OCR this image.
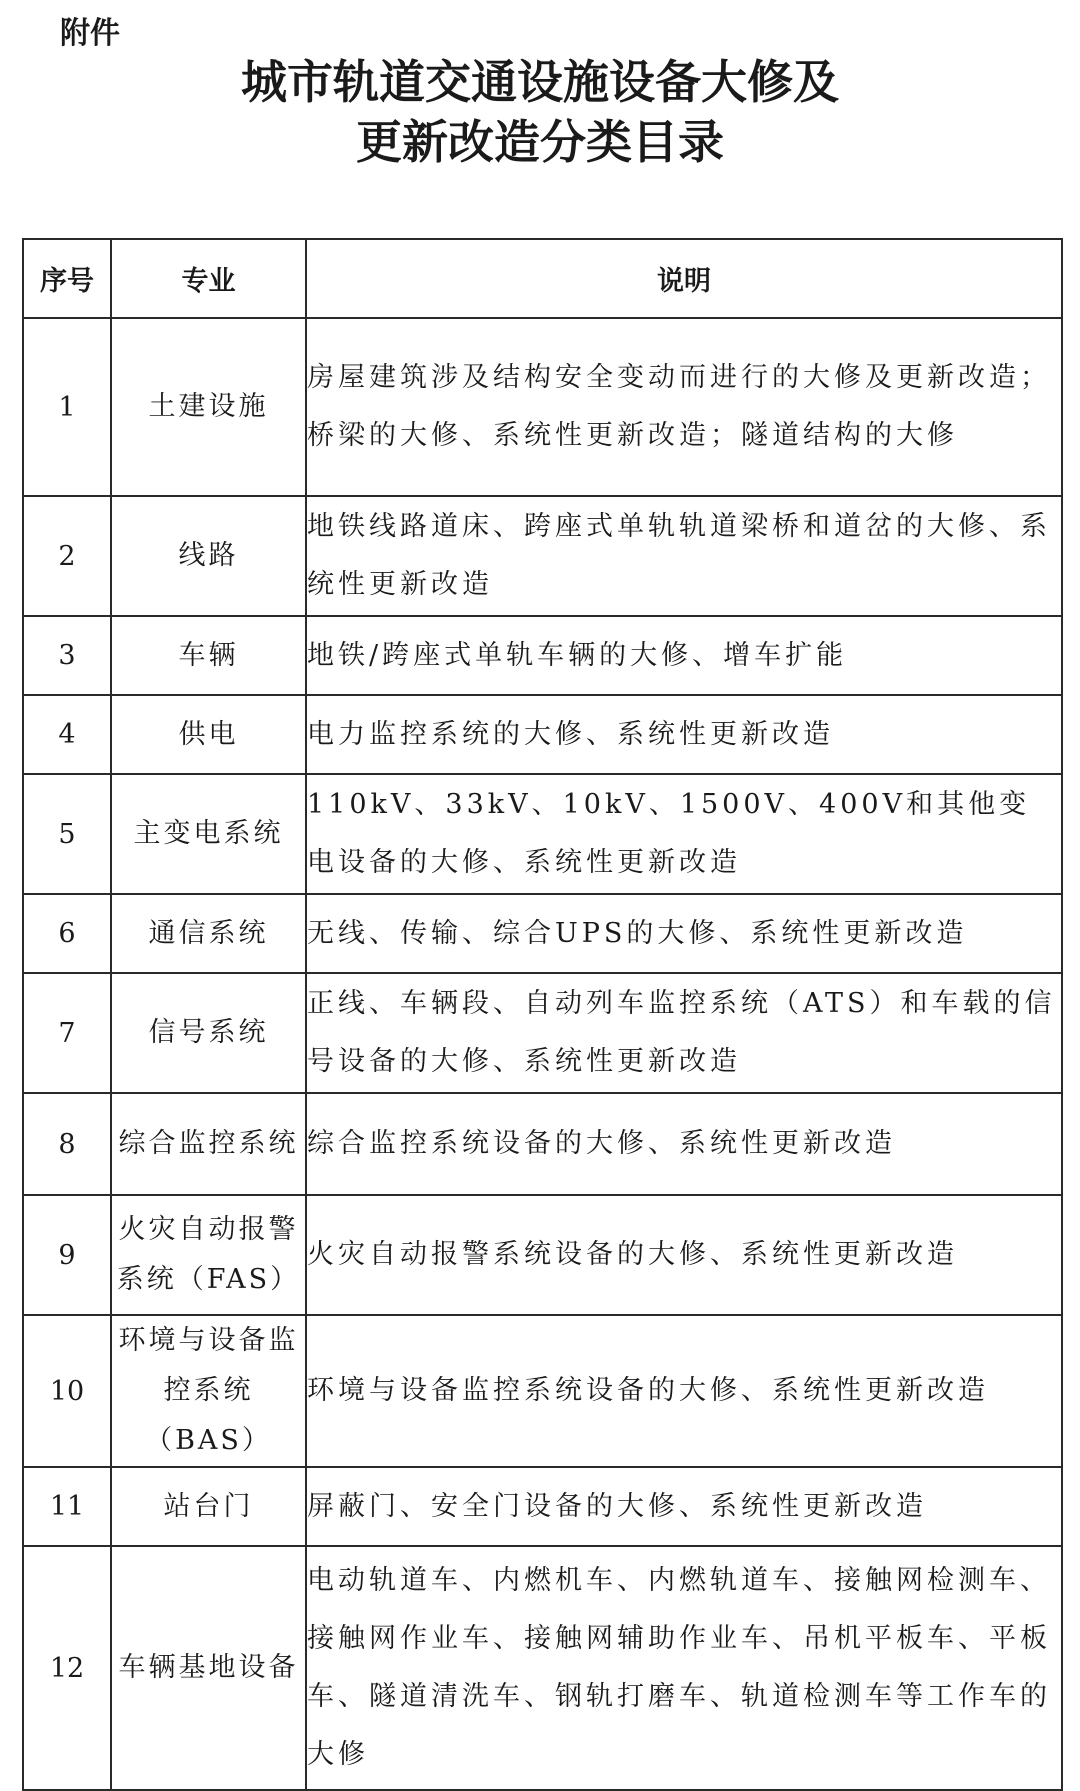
附件
城市轨道交通设施设备大修及
更新改造分类目录
序号	专业	说明
1	土建设施	房屋建筑涉及结构安全变动而进行的大修及更新改造；桥梁的大修、系统性更新改造；隧道结构的大修
2	线路	地铁线路道床、跨座式单轨轨道梁桥和道岔的大修、系统性更新改造
3	车辆	地铁/跨座式单轨车辆的大修、增车扩能
4	供电	电力监控系统的大修、系统性更新改造
5	主变电系统	110kV、33kV、10kV、1500V、400V和其他变电设备的大修、系统性更新改造
6	通信系统	无线、传输、综合UPS的大修、系统性更新改造
7	信号系统	正线、车辆段、自动列车监控系统（ATS）和车载的信号设备的大修、系统性更新改造
8	综合监控系统	综合监控系统设备的大修、系统性更新改造
9	火灾自动报警系统（FAS）	火灾自动报警系统设备的大修、系统性更新改造
10	环境与设备监控系统（BAS）	环境与设备监控系统设备的大修、系统性更新改造
11	站台门	屏蔽门、安全门设备的大修、系统性更新改造
12	车辆基地设备	电动轨道车、内燃机车、内燃轨道车、接触网检测车、接触网作业车、接触网辅助作业车、吊机平板车、平板车、隧道清洗车、钢轨打磨车、轨道检测车等工作车的大修
